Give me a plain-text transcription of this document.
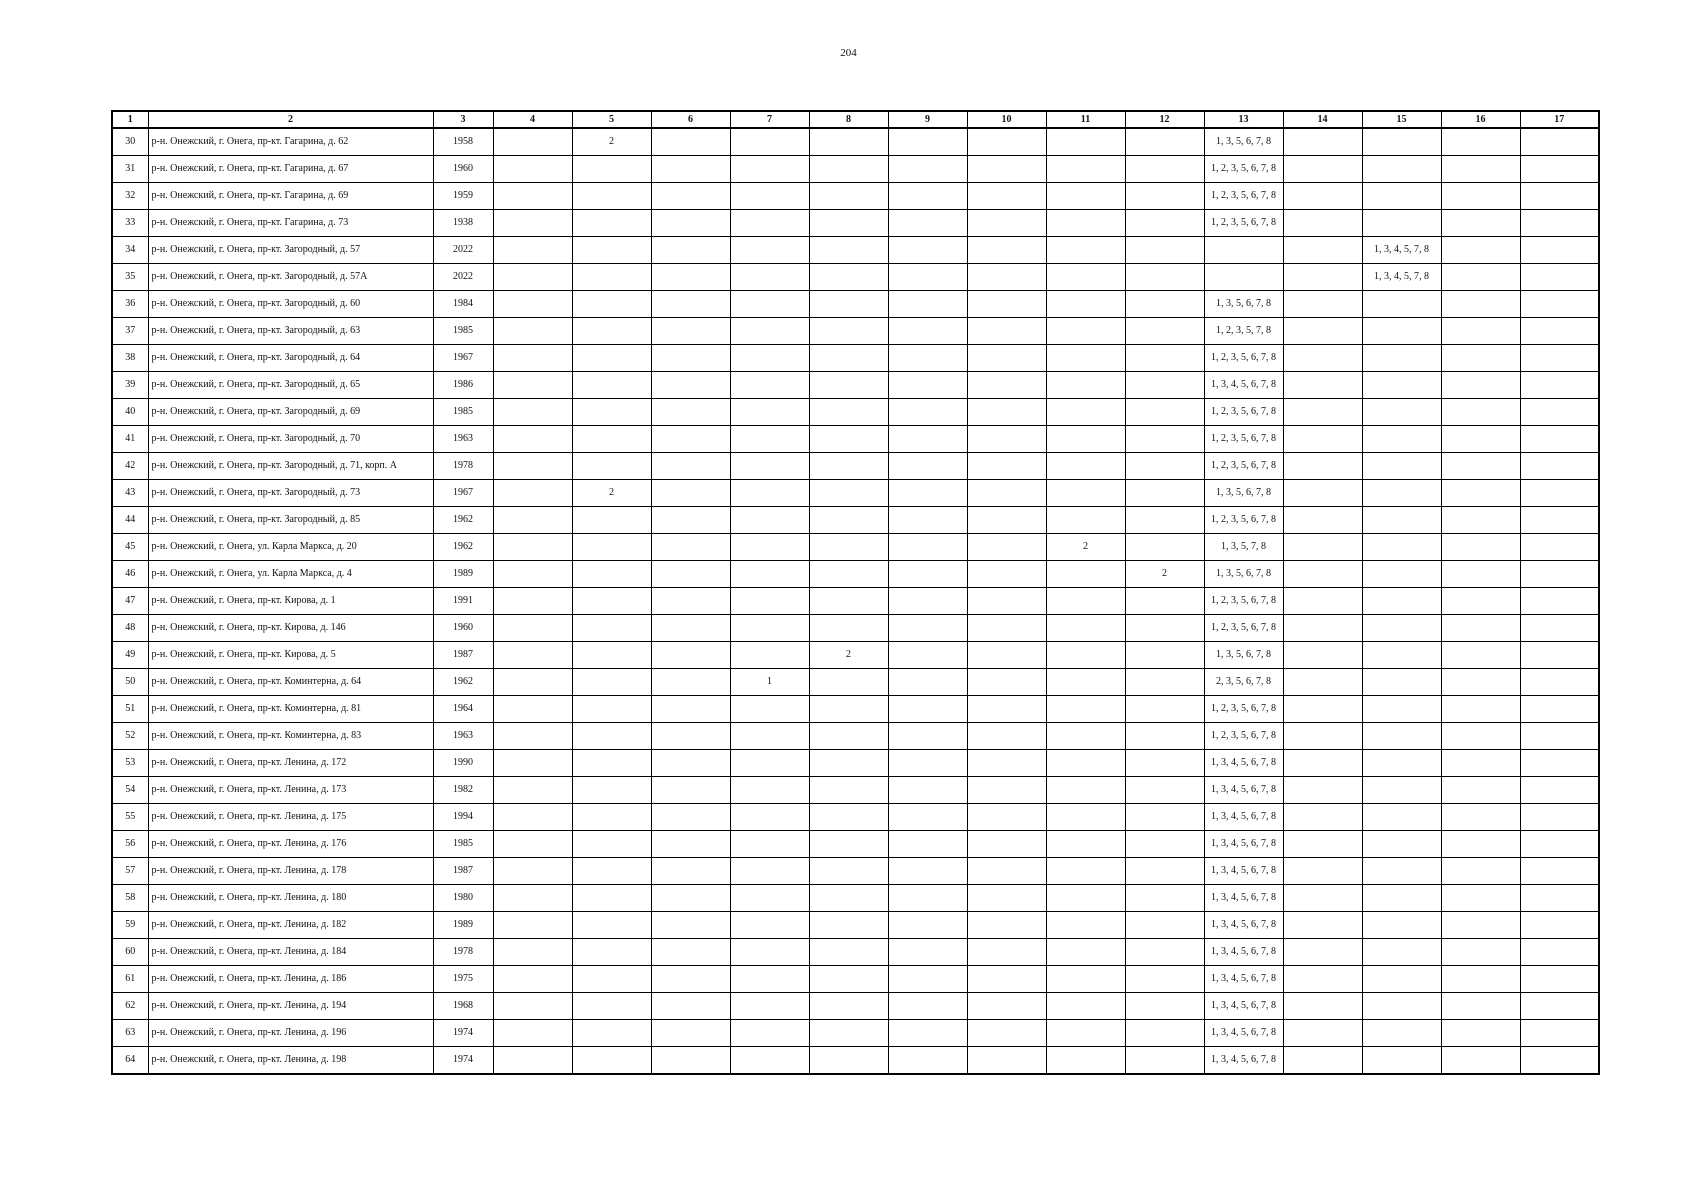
204
1	2	3	4	5	6	7	8	9	10	11	12	13	14	15	16	17
30	р-н. Онежский, г. Онега, пр-кт. Гагарина, д. 62	1958		2								1, 3, 5, 6, 7, 8				
31	р-н. Онежский, г. Онега, пр-кт. Гагарина, д. 67	1960										1, 2, 3, 5, 6, 7, 8				
32	р-н. Онежский, г. Онега, пр-кт. Гагарина, д. 69	1959										1, 2, 3, 5, 6, 7, 8				
33	р-н. Онежский, г. Онега, пр-кт. Гагарина, д. 73	1938										1, 2, 3, 5, 6, 7, 8				
34	р-н. Онежский, г. Онега, пр-кт. Загородный, д. 57	2022												1, 3, 4, 5, 7, 8		
35	р-н. Онежский, г. Онега, пр-кт. Загородный, д. 57А	2022												1, 3, 4, 5, 7, 8		
36	р-н. Онежский, г. Онега, пр-кт. Загородный, д. 60	1984										1, 3, 5, 6, 7, 8				
37	р-н. Онежский, г. Онега, пр-кт. Загородный, д. 63	1985										1, 2, 3, 5, 7, 8				
38	р-н. Онежский, г. Онега, пр-кт. Загородный, д. 64	1967										1, 2, 3, 5, 6, 7, 8				
39	р-н. Онежский, г. Онега, пр-кт. Загородный, д. 65	1986										1, 3, 4, 5, 6, 7, 8				
40	р-н. Онежский, г. Онега, пр-кт. Загородный, д. 69	1985										1, 2, 3, 5, 6, 7, 8				
41	р-н. Онежский, г. Онега, пр-кт. Загородный, д. 70	1963										1, 2, 3, 5, 6, 7, 8				
42	р-н. Онежский, г. Онега, пр-кт. Загородный, д. 71, корп. А	1978										1, 2, 3, 5, 6, 7, 8				
43	р-н. Онежский, г. Онега, пр-кт. Загородный, д. 73	1967		2								1, 3, 5, 6, 7, 8				
44	р-н. Онежский, г. Онега, пр-кт. Загородный, д. 85	1962										1, 2, 3, 5, 6, 7, 8				
45	р-н. Онежский, г. Онега, ул. Карла Маркса, д. 20	1962								2		1, 3, 5, 7, 8				
46	р-н. Онежский, г. Онега, ул. Карла Маркса, д. 4	1989									2	1, 3, 5, 6, 7, 8				
47	р-н. Онежский, г. Онега, пр-кт. Кирова, д. 1	1991										1, 2, 3, 5, 6, 7, 8				
48	р-н. Онежский, г. Онега, пр-кт. Кирова, д. 146	1960										1, 2, 3, 5, 6, 7, 8				
49	р-н. Онежский, г. Онега, пр-кт. Кирова, д. 5	1987					2					1, 3, 5, 6, 7, 8				
50	р-н. Онежский, г. Онега, пр-кт. Коминтерна, д. 64	1962				1						2, 3, 5, 6, 7, 8				
51	р-н. Онежский, г. Онега, пр-кт. Коминтерна, д. 81	1964										1, 2, 3, 5, 6, 7, 8				
52	р-н. Онежский, г. Онега, пр-кт. Коминтерна, д. 83	1963										1, 2, 3, 5, 6, 7, 8				
53	р-н. Онежский, г. Онега, пр-кт. Ленина, д. 172	1990										1, 3, 4, 5, 6, 7, 8				
54	р-н. Онежский, г. Онега, пр-кт. Ленина, д. 173	1982										1, 3, 4, 5, 6, 7, 8				
55	р-н. Онежский, г. Онега, пр-кт. Ленина, д. 175	1994										1, 3, 4, 5, 6, 7, 8				
56	р-н. Онежский, г. Онега, пр-кт. Ленина, д. 176	1985										1, 3, 4, 5, 6, 7, 8				
57	р-н. Онежский, г. Онега, пр-кт. Ленина, д. 178	1987										1, 3, 4, 5, 6, 7, 8				
58	р-н. Онежский, г. Онега, пр-кт. Ленина, д. 180	1980										1, 3, 4, 5, 6, 7, 8				
59	р-н. Онежский, г. Онега, пр-кт. Ленина, д. 182	1989										1, 3, 4, 5, 6, 7, 8				
60	р-н. Онежский, г. Онега, пр-кт. Ленина, д. 184	1978										1, 3, 4, 5, 6, 7, 8				
61	р-н. Онежский, г. Онега, пр-кт. Ленина, д. 186	1975										1, 3, 4, 5, 6, 7, 8				
62	р-н. Онежский, г. Онега, пр-кт. Ленина, д. 194	1968										1, 3, 4, 5, 6, 7, 8				
63	р-н. Онежский, г. Онега, пр-кт. Ленина, д. 196	1974										1, 3, 4, 5, 6, 7, 8				
64	р-н. Онежский, г. Онега, пр-кт. Ленина, д. 198	1974										1, 3, 4, 5, 6, 7, 8				
